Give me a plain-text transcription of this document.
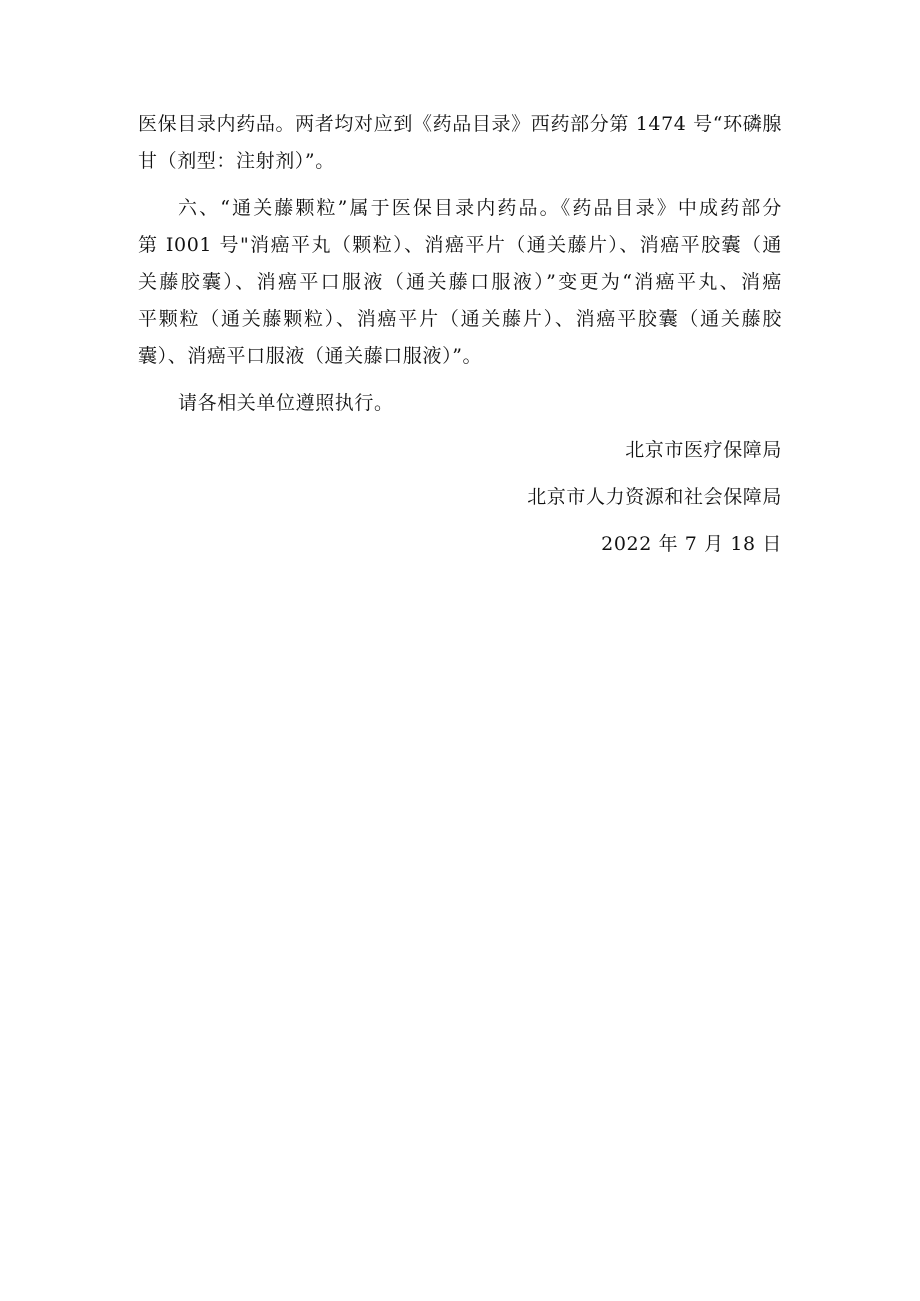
医保目录内药品。两者均对应到《药品目录》西药部分第 1474 号“环磷腺
甘（剂型：注射剂）”。
六、“通关藤颗粒”属于医保目录内药品。《药品目录》中成药部分
第 I001 号"消癌平丸（颗粒）、消癌平片（通关藤片）、消癌平胶囊（通
关藤胶囊）、消癌平口服液（通关藤口服液）”变更为“消癌平丸、消癌
平颗粒（通关藤颗粒）、消癌平片（通关藤片）、消癌平胶囊（通关藤胶
囊）、消癌平口服液（通关藤口服液）”。
请各相关单位遵照执行。
北京市医疗保障局
北京市人力资源和社会保障局
2022 年 7 月 18 日
